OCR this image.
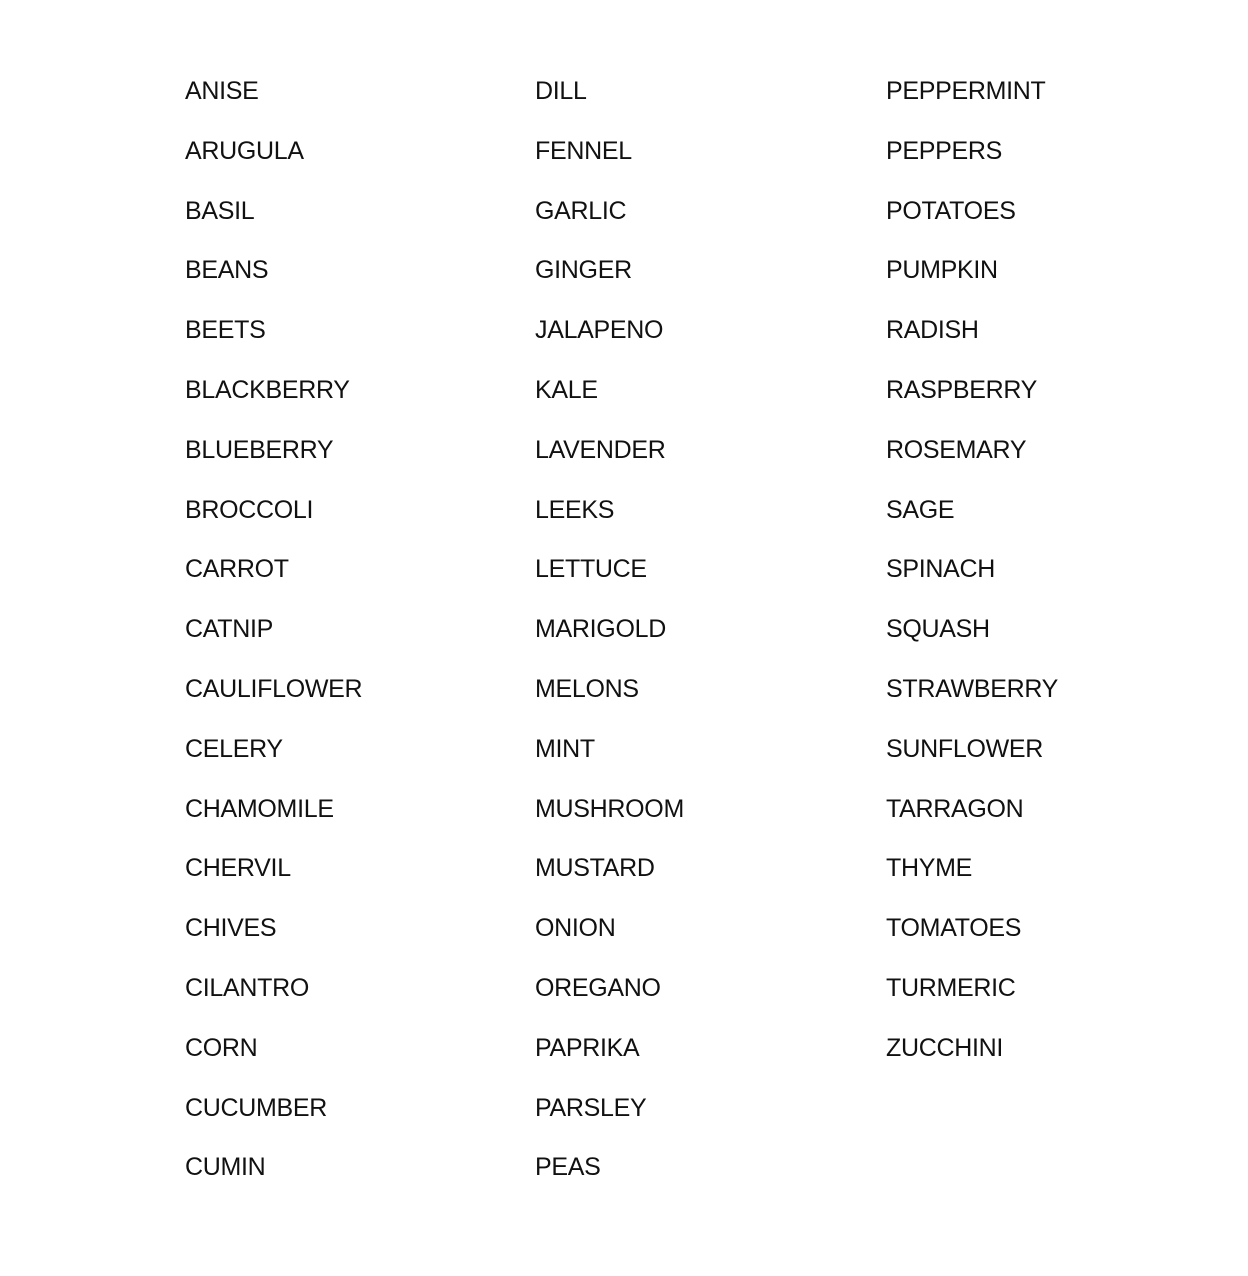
ANISE
ARUGULA
BASIL
BEANS
BEETS
BLACKBERRY
BLUEBERRY
BROCCOLI
CARROT
CATNIP
CAULIFLOWER
CELERY
CHAMOMILE
CHERVIL
CHIVES
CILANTRO
CORN
CUCUMBER
CUMIN
DILL
FENNEL
GARLIC
GINGER
JALAPENO
KALE
LAVENDER
LEEKS
LETTUCE
MARIGOLD
MELONS
MINT
MUSHROOM
MUSTARD
ONION
OREGANO
PAPRIKA
PARSLEY
PEAS
PEPPERMINT
PEPPERS
POTATOES
PUMPKIN
RADISH
RASPBERRY
ROSEMARY
SAGE
SPINACH
SQUASH
STRAWBERRY
SUNFLOWER
TARRAGON
THYME
TOMATOES
TURMERIC
ZUCCHINI
